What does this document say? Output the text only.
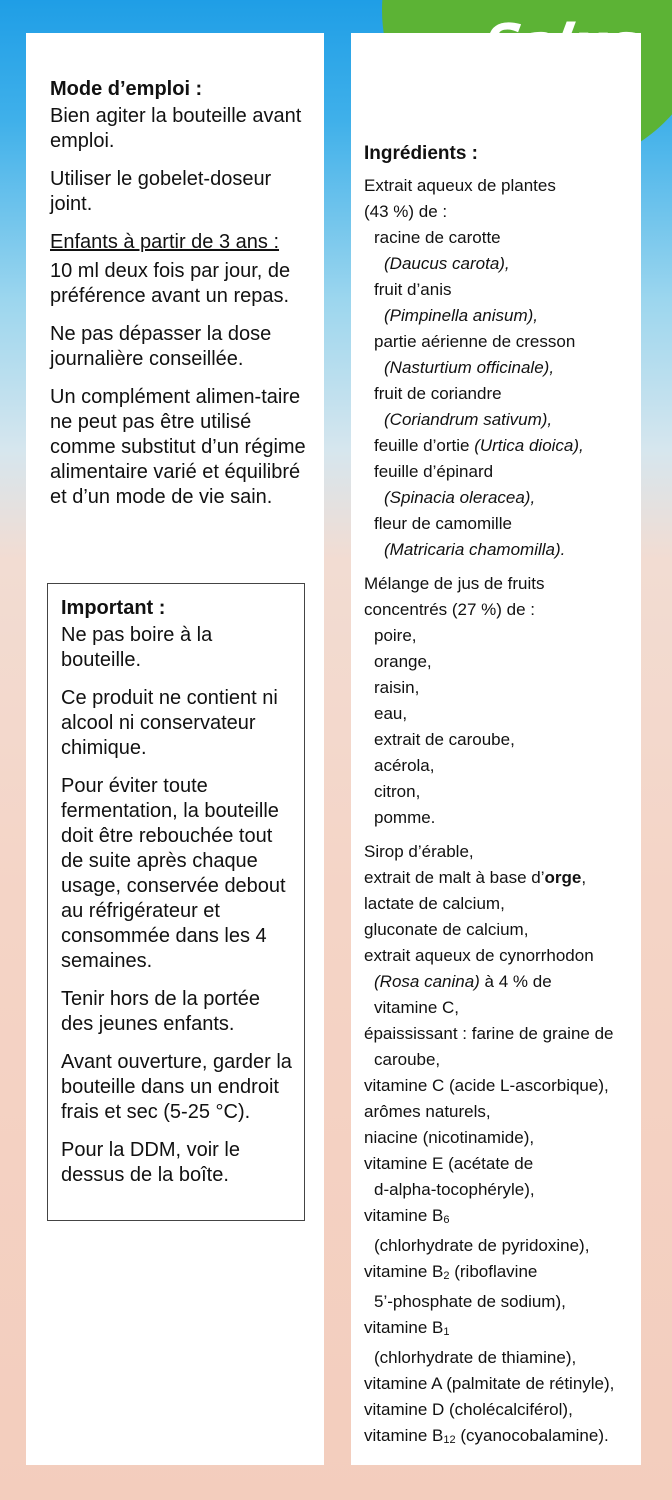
Mode d’emploi :

Bien agiter la bouteille avant emploi.

Utiliser le gobelet-doseur joint.

Enfants à partir de 3 ans :

10 ml deux fois par jour, de préférence avant un repas.

Ne pas dépasser la dose journalière conseillée.

Un complément alimen-taire ne peut pas être utilisé comme substitut d’un régime alimentaire varié et équilibré et d’un mode de vie sain.

Important :

Ne pas boire à la bouteille.

Ce produit ne contient ni alcool ni conservateur chimique.

Pour éviter toute fermentation, la bouteille doit être rebouchée tout de suite après chaque usage, conservée debout au réfrigérateur et consommée dans les 4 semaines.

Tenir hors de la portée des jeunes enfants.

Avant ouverture, garder la bouteille dans un endroit frais et sec (5-25 °C).

Pour la DDM, voir le dessus de la boîte.

Ingrédients :
Extrait aqueux de plantes
(43 %) de :
racine de carotte
(Daucus carota),
fruit d’anis
(Pimpinella anisum),
partie aérienne de cresson
(Nasturtium officinale),
fruit de coriandre
(Coriandrum sativum),
feuille d’ortie (Urtica dioica),
feuille d’épinard
(Spinacia oleracea),
fleur de camomille
(Matricaria chamomilla).
Mélange de jus de fruits
concentrés (27 %) de :
poire,
orange,
raisin,
eau,
extrait de caroube,
acérola,
citron,
pomme.
Sirop d’érable,
extrait de malt à base d’orge,
lactate de calcium,
gluconate de calcium,
extrait aqueux de cynorrhodon
(Rosa canina) à 4 % de
vitamine C,
épaississant : farine de graine de
caroube,
vitamine C (acide L-ascorbique),
arômes naturels,
niacine (nicotinamide),
vitamine E (acétate de
d-alpha-tocophéryle),
vitamine $B_6$
(chlorhydrate de pyridoxine),
vitamine $B_2$ (riboflavine
5’-phosphate de sodium),
vitamine $B_1$
(chlorhydrate de thiamine),
vitamine A (palmitate de rétinyle),
vitamine D (cholécalciférol),
vitamine $B_{12}$ (cyanocobalamine).
